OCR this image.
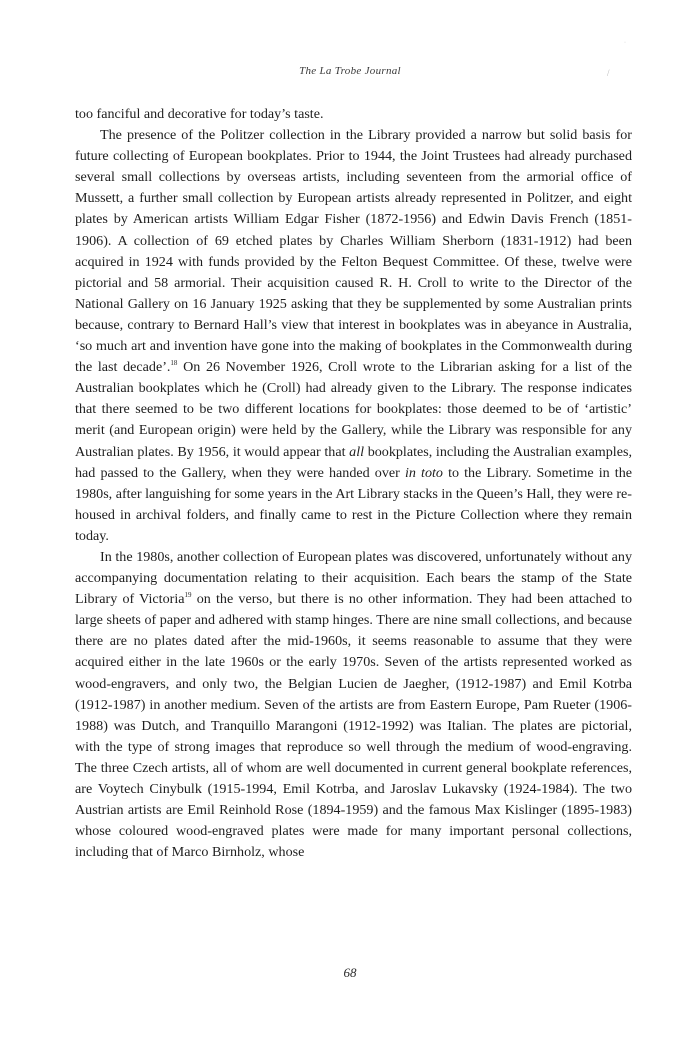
The La Trobe Journal	/
·

too fanciful and decorative for today’s taste.

The presence of the Politzer collection in the Library provided a narrow but solid basis for future collecting of European bookplates. Prior to 1944, the Joint Trustees had already purchased several small collections by overseas artists, including seventeen from the armorial office of Mussett, a further small collection by European artists already represented in Politzer, and eight plates by American artists William Edgar Fisher (1872-1956) and Edwin Davis French (1851-1906). A collection of 69 etched plates by Charles William Sherborn (1831-1912) had been acquired in 1924 with funds provided by the Felton Bequest Committee. Of these, twelve were pictorial and 58 armorial. Their acquisition caused R. H. Croll to write to the Director of the National Gallery on 16 January 1925 asking that they be supplemented by some Australian prints because, contrary to Bernard Hall’s view that interest in bookplates was in abeyance in Australia, ‘so much art and invention have gone into the making of bookplates in the Commonwealth during the last decade’.$^{18}$ On 26 November 1926, Croll wrote to the Librarian asking for a list of the Australian bookplates which he (Croll) had already given to the Library. The response indicates that there seemed to be two different locations for bookplates: those deemed to be of ‘artistic’ merit (and European origin) were held by the Gallery, while the Library was responsible for any Australian plates. By 1956, it would appear that all bookplates, including the Australian examples, had passed to the Gallery, when they were handed over in toto to the Library. Sometime in the 1980s, after languishing for some years in the Art Library stacks in the Queen’s Hall, they were re-housed in archival folders, and finally came to rest in the Picture Collection where they remain today.

In the 1980s, another collection of European plates was discovered, unfortunately without any accompanying documentation relating to their acquisition. Each bears the stamp of the State Library of Victoria$^{19}$ on the verso, but there is no other information. They had been attached to large sheets of paper and adhered with stamp hinges. There are nine small collections, and because there are no plates dated after the mid-1960s, it seems reasonable to assume that they were acquired either in the late 1960s or the early 1970s. Seven of the artists represented worked as wood-engravers, and only two, the Belgian Lucien de Jaegher, (1912-1987) and Emil Kotrba (1912-1987) in another medium. Seven of the artists are from Eastern Europe, Pam Rueter (1906-1988) was Dutch, and Tranquillo Marangoni (1912-1992) was Italian. The plates are pictorial, with the type of strong images that reproduce so well through the medium of wood-engraving. The three Czech artists, all of whom are well documented in current general bookplate references, are Voytech Cinybulk (1915-1994, Emil Kotrba, and Jaroslav Lukavsky (1924-1984). The two Austrian artists are Emil Reinhold Rose (1894-1959) and the famous Max Kislinger (1895-1983) whose coloured wood-engraved plates were made for many important personal collections, including that of Marco Birnholz, whose

68
